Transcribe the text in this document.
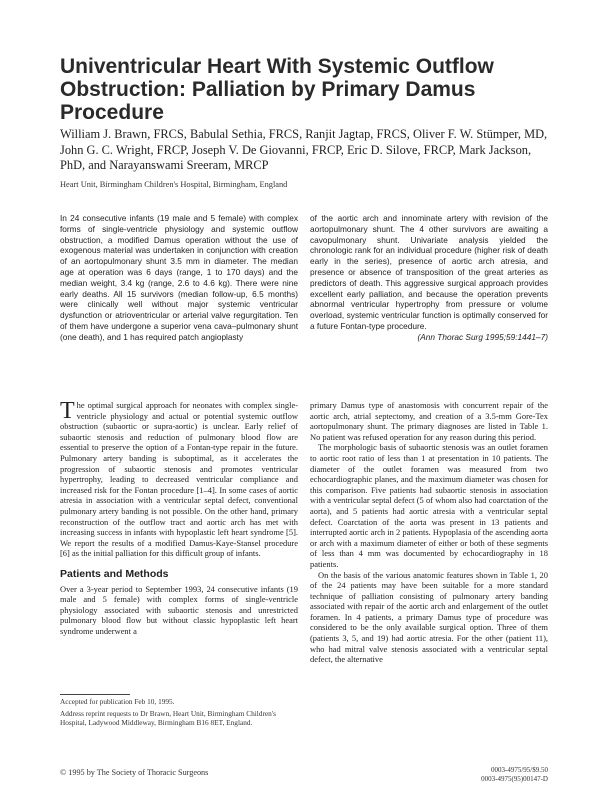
Univentricular Heart With Systemic Outflow Obstruction: Palliation by Primary Damus Procedure
William J. Brawn, FRCS, Babulal Sethia, FRCS, Ranjit Jagtap, FRCS, Oliver F. W. Stümper, MD, John G. C. Wright, FRCP, Joseph V. De Giovanni, FRCP, Eric D. Silove, FRCP, Mark Jackson, PhD, and Narayanswami Sreeram, MRCP
Heart Unit, Birmingham Children's Hospital, Birmingham, England
In 24 consecutive infants (19 male and 5 female) with complex forms of single-ventricle physiology and systemic outflow obstruction, a modified Damus operation without the use of exogenous material was undertaken in conjunction with creation of an aortopulmonary shunt 3.5 mm in diameter. The median age at operation was 6 days (range, 1 to 170 days) and the median weight, 3.4 kg (range, 2.6 to 4.6 kg). There were nine early deaths. All 15 survivors (median follow-up, 6.5 months) were clinically well without major systemic ventricular dysfunction or atrioventricular or arterial valve regurgitation. Ten of them have undergone a superior vena cava–pulmonary shunt (one death), and 1 has required patch angioplasty
of the aortic arch and innominate artery with revision of the aortopulmonary shunt. The 4 other survivors are awaiting a cavopulmonary shunt. Univariate analysis yielded the chronologic rank for an individual procedure (higher risk of death early in the series), presence of aortic arch atresia, and presence or absence of transposition of the great arteries as predictors of death. This aggressive surgical approach provides excellent early palliation, and because the operation prevents abnormal ventricular hypertrophy from pressure or volume overload, systemic ventricular function is optimally conserved for a future Fontan-type procedure.
(Ann Thorac Surg 1995;59:1441–7)

The optimal surgical approach for neonates with complex single-ventricle physiology and actual or potential systemic outflow obstruction (subaortic or supra-aortic) is unclear. Early relief of subaortic stenosis and reduction of pulmonary blood flow are essential to preserve the option of a Fontan-type repair in the future. Pulmonary artery banding is suboptimal, as it accelerates the progression of subaortic stenosis and promotes ventricular hypertrophy, leading to decreased ventricular compliance and increased risk for the Fontan procedure [1–4]. In some cases of aortic atresia in association with a ventricular septal defect, conventional pulmonary artery banding is not possible. On the other hand, primary reconstruction of the outflow tract and aortic arch has met with increasing success in infants with hypoplastic left heart syndrome [5]. We report the results of a modified Damus-Kaye-Stansel procedure [6] as the initial palliation for this difficult group of infants.

Patients and Methods

Over a 3-year period to September 1993, 24 consecutive infants (19 male and 5 female) with complex forms of single-ventricle physiology associated with subaortic stenosis and unrestricted pulmonary blood flow but without classic hypoplastic left heart syndrome underwent a

primary Damus type of anastomosis with concurrent repair of the aortic arch, atrial septectomy, and creation of a 3.5-mm Gore-Tex aortopulmonary shunt. The primary diagnoses are listed in Table 1. No patient was refused operation for any reason during this period.

The morphologic basis of subaortic stenosis was an outlet foramen to aortic root ratio of less than 1 at presentation in 10 patients. The diameter of the outlet foramen was measured from two echocardiographic planes, and the maximum diameter was chosen for this comparison. Five patients had subaortic stenosis in association with a ventricular septal defect (5 of whom also had coarctation of the aorta), and 5 patients had aortic atresia with a ventricular septal defect. Coarctation of the aorta was present in 13 patients and interrupted aortic arch in 2 patients. Hypoplasia of the ascending aorta or arch with a maximum diameter of either or both of these segments of less than 4 mm was documented by echocardiography in 18 patients.

On the basis of the various anatomic features shown in Table 1, 20 of the 24 patients may have been suitable for a more standard technique of palliation consisting of pulmonary artery banding associated with repair of the aortic arch and enlargement of the outlet foramen. In 4 patients, a primary Damus type of procedure was considered to be the only available surgical option. Three of them (patients 3, 5, and 19) had aortic atresia. For the other (patient 11), who had mitral valve stenosis associated with a ventricular septal defect, the alternative

Accepted for publication Feb 10, 1995.

Address reprint requests to Dr Brawn, Heart Unit, Birmingham Children's Hospital, Ladywood Middleway, Birmingham B16 8ET, England.

© 1995 by The Society of Thoracic Surgeons	0003-4975/95/$9.50
0003-4975(95)00147-D
